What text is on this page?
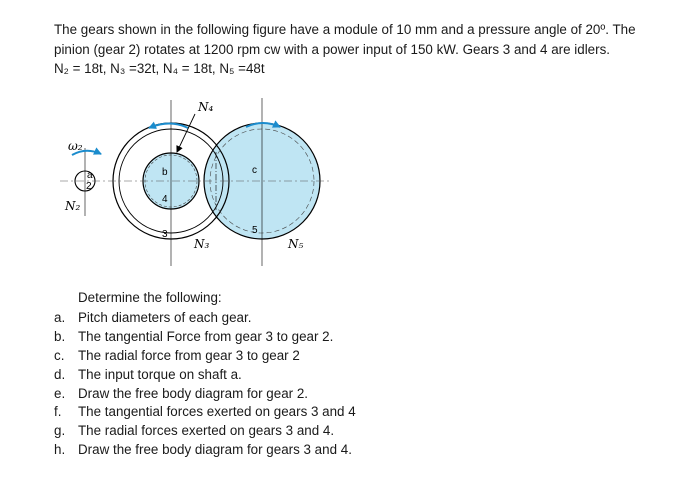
The gears shown in the following figure have a module of 10 mm and a pressure angle of 20º. The

pinion (gear 2) rotates at 1200 rpm cw with a power input of 150 kW. Gears 3 and 4 are idlers.

N₂ = 18t, N₃ =32t, N₄ = 18t, N₅ =48t

ω₂
N₂
N₃
N₄
N₅
a
2
b
4
3
c
5

Determine the following:

a. Pitch diameters of each gear.
b. The tangential Force from gear 3 to gear 2.
c.	The radial force from gear 3 to gear 2
d. The input torque on shaft a.
e. Draw the free body diagram for gear 2.
f.	The tangential forces exerted on gears 3 and 4
g. The radial forces exerted on gears 3 and 4.
h. Draw the free body diagram for gears 3 and 4.
